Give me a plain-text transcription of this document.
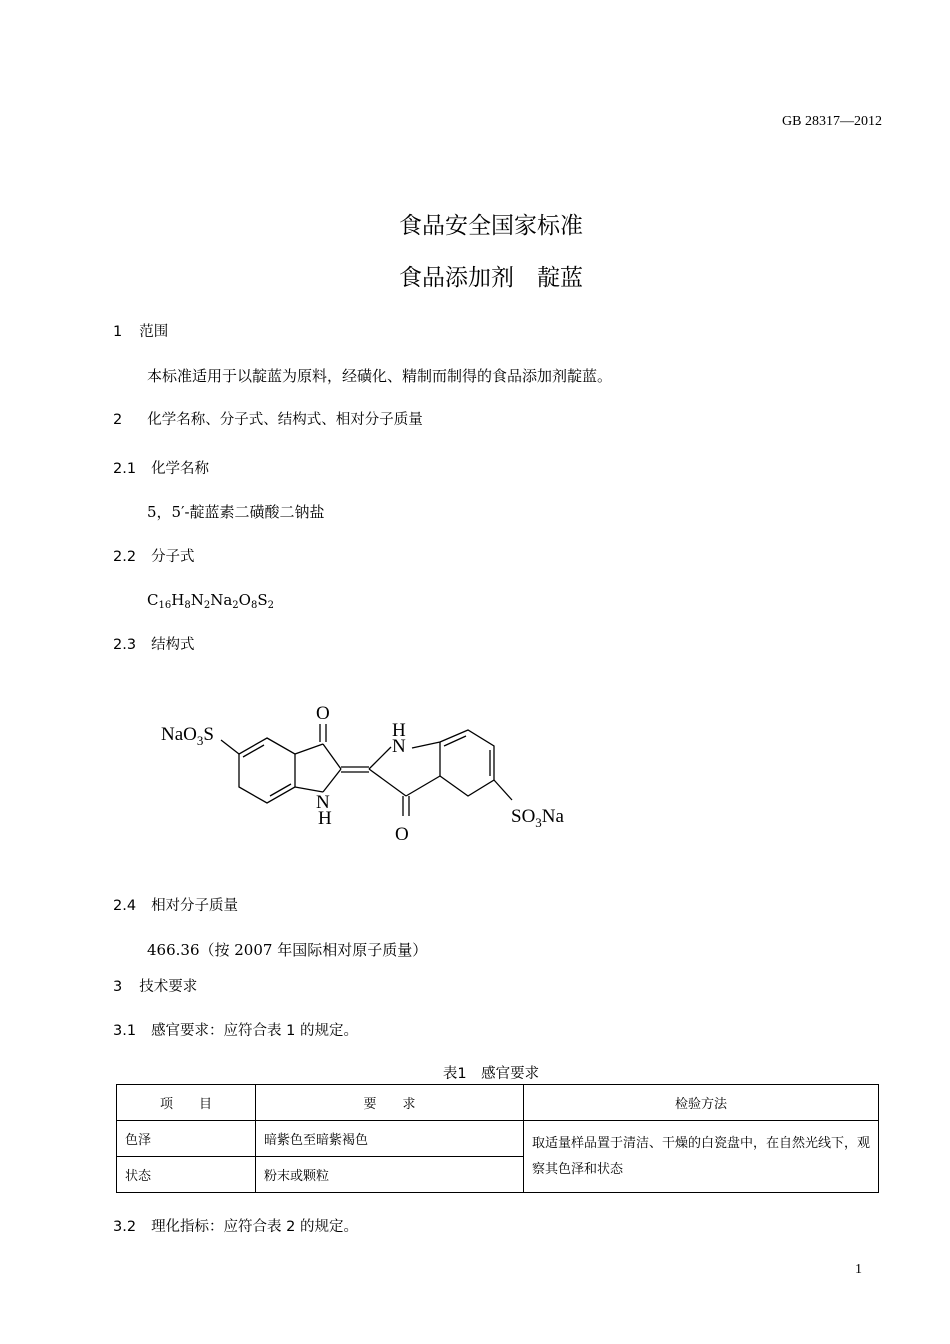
GB 28317—2012
食品安全国家标准
食品添加剂　靛蓝
1 范围
本标准适用于以靛蓝为原料，经磺化、精制而制得的食品添加剂靛蓝。
2 化学名称、分子式、结构式、相对分子质量
2.1 化学名称
5，5′-靛蓝素二磺酸二钠盐
2.2 分子式
$C_{16}H_8N_2Na_2O_8S_2$
2.3 结构式
NaO$_3$S
O
N
H
H
N
O
$SO_3Na$
2.4 相对分子质量
466.36（按 2007 年国际相对原子质量）
3 技术要求
3.1 感官要求：应符合表 1 的规定。
表1　感官要求
项　　目	要　　求	检验方法
色泽	暗紫色至暗紫褐色	取适量样品置于清洁、干燥的白瓷盘中，在自然光线下，观察其色泽和状态
状态	粉末或颗粒	
3.2 理化指标：应符合表 2 的规定。
1
